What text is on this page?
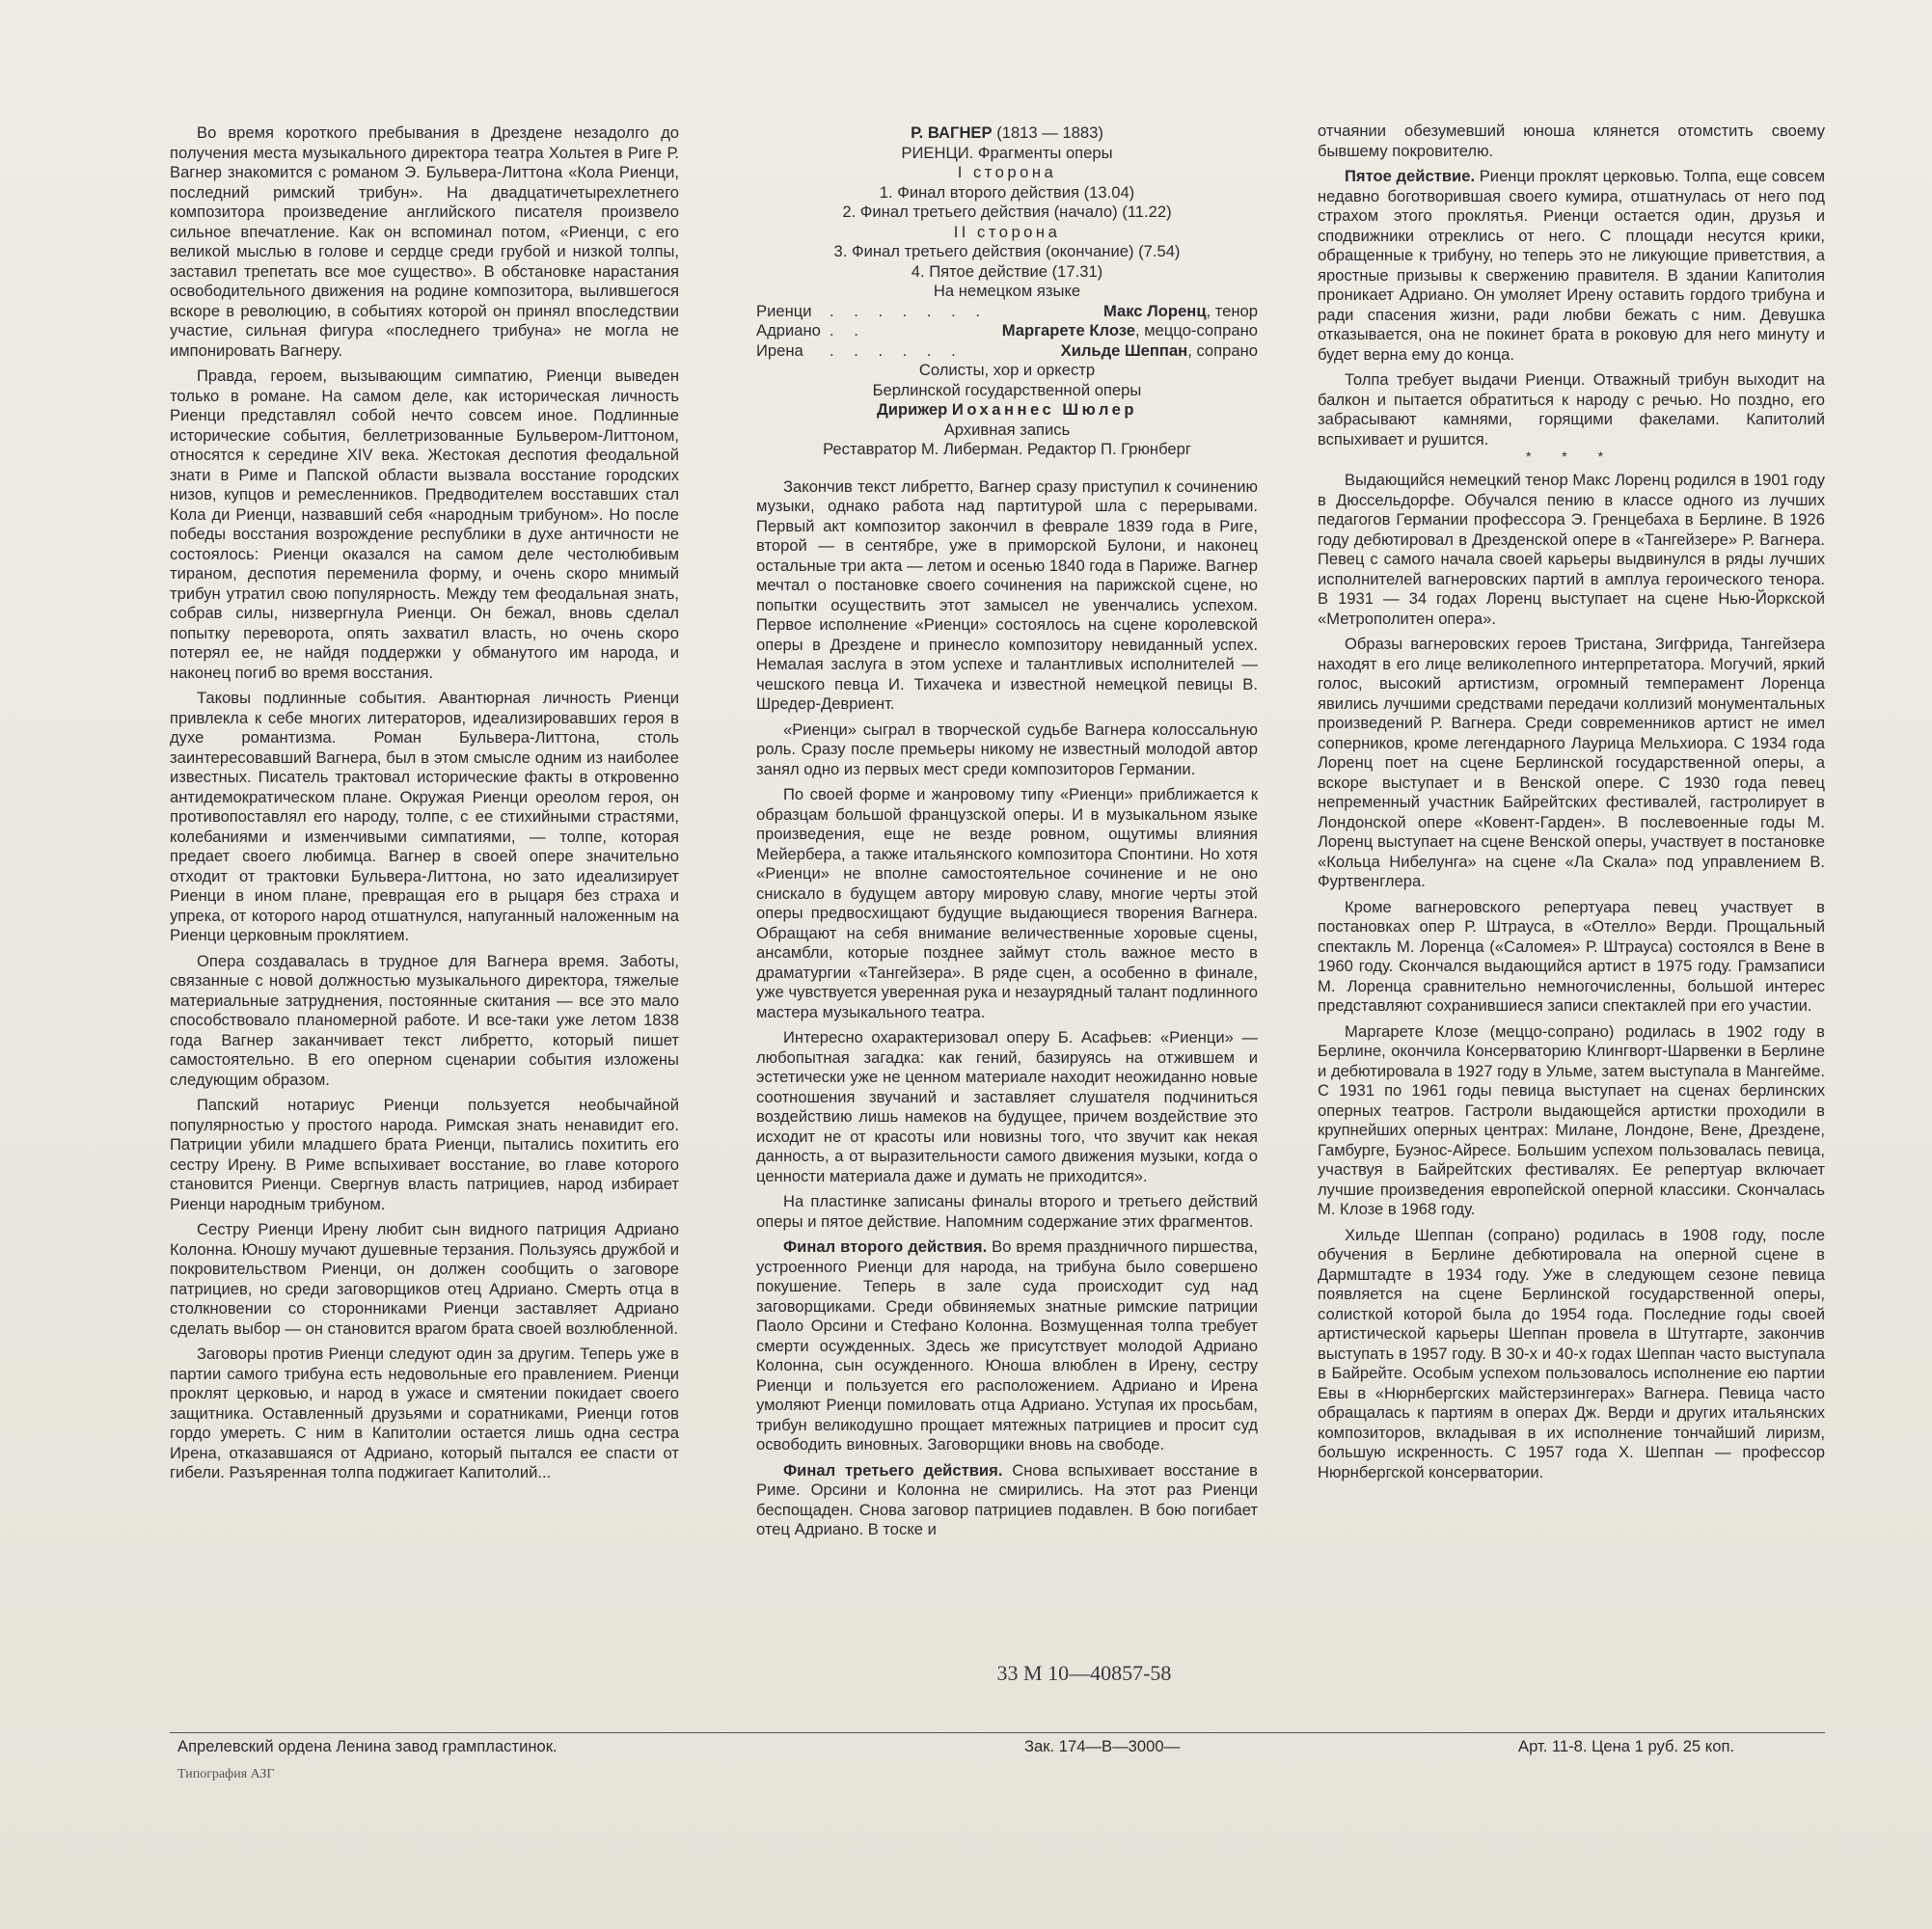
Во время короткого пребывания в Дрездене незадолго до получения места музыкального директора театра Хольтея в Риге Р. Вагнер знакомится с романом Э. Бульвера-Литтона «Кола Риенци, последний римский трибун». На двадцатичетырехлетнего композитора произведение английского писателя произвело сильное впечатление. Как он вспоминал потом, «Риенци, с его великой мыслью в голове и сердце среди грубой и низкой толпы, заставил трепетать все мое существо». В обстановке нарастания освободительного движения на родине композитора, вылившегося вскоре в революцию, в событиях которой он принял впоследствии участие, сильная фигура «последнего трибуна» не могла не импонировать Вагнеру.

Правда, героем, вызывающим симпатию, Риенци выведен только в романе. На самом деле, как историческая личность Риенци представлял собой нечто совсем иное. Подлинные исторические события, беллетризованные Бульвером-Литтоном, относятся к середине XIV века. Жестокая деспотия феодальной знати в Риме и Папской области вызвала восстание городских низов, купцов и ремесленников. Предводителем восставших стал Кола ди Риенци, назвавший себя «народным трибуном». Но после победы восстания возрождение республики в духе античности не состоялось: Риенци оказался на самом деле честолюбивым тираном, деспотия переменила форму, и очень скоро мнимый трибун утратил свою популярность. Между тем феодальная знать, собрав силы, низвергнула Риенци. Он бежал, вновь сделал попытку переворота, опять захватил власть, но очень скоро потерял ее, не найдя поддержки у обманутого им народа, и наконец погиб во время восстания.

Таковы подлинные события. Авантюрная личность Риенци привлекла к себе многих литераторов, идеализировавших героя в духе романтизма. Роман Бульвера-Литтона, столь заинтересовавший Вагнера, был в этом смысле одним из наиболее известных. Писатель трактовал исторические факты в откровенно антидемократическом плане. Окружая Риенци ореолом героя, он противопоставлял его народу, толпе, с ее стихийными страстями, колебаниями и изменчивыми симпатиями, — толпе, которая предает своего любимца. Вагнер в своей опере значительно отходит от трактовки Бульвера-Литтона, но зато идеализирует Риенци в ином плане, превращая его в рыцаря без страха и упрека, от которого народ отшатнулся, напуганный наложенным на Риенци церковным проклятием.

Опера создавалась в трудное для Вагнера время. Заботы, связанные с новой должностью музыкального директора, тяжелые материальные затруднения, постоянные скитания — все это мало способствовало планомерной работе. И все-таки уже летом 1838 года Вагнер заканчивает текст либретто, который пишет самостоятельно. В его оперном сценарии события изложены следующим образом.

Папский нотариус Риенци пользуется необычайной популярностью у простого народа. Римская знать ненавидит его. Патриции убили младшего брата Риенци, пытались похитить его сестру Ирену. В Риме вспыхивает восстание, во главе которого становится Риенци. Свергнув власть патрициев, народ избирает Риенци народным трибуном.

Сестру Риенци Ирену любит сын видного патриция Адриано Колонна. Юношу мучают душевные терзания. Пользуясь дружбой и покровительством Риенци, он должен сообщить о заговоре патрициев, но среди заговорщиков отец Адриано. Смерть отца в столкновении со сторонниками Риенци заставляет Адриано сделать выбор — он становится врагом брата своей возлюбленной.

Заговоры против Риенци следуют один за другим. Теперь уже в партии самого трибуна есть недовольные его правлением. Риенци проклят церковью, и народ в ужасе и смятении покидает своего защитника. Оставленный друзьями и соратниками, Риенци готов гордо умереть. С ним в Капитолии остается лишь одна сестра Ирена, отказавшаяся от Адриано, который пытался ее спасти от гибели. Разъяренная толпа поджигает Капитолий...

Р. ВАГНЕР (1813 — 1883)
РИЕНЦИ. Фрагменты оперы
I сторона
1. Финал второго действия (13.04)
2. Финал третьего действия (начало) (11.22)
II сторона
3. Финал третьего действия (окончание) (7.54)
4. Пятое действие (17.31)
На немецком языке
Риенци	. . . . . . .	Макс Лоренц, тенор
Адриано . .	Маргарете Клозе, меццо-сопрано
Ирена	. . . . . .	Хильде Шеппан, сопрано
Солисты, хор и оркестр
Берлинской государственной оперы
Дирижер Иоханнес Шюлер
Архивная запись
Реставратор М. Либерман. Редактор П. Грюнберг

Закончив текст либретто, Вагнер сразу приступил к сочинению музыки, однако работа над партитурой шла с перерывами. Первый акт композитор закончил в феврале 1839 года в Риге, второй — в сентябре, уже в приморской Булони, и наконец остальные три акта — летом и осенью 1840 года в Париже. Вагнер мечтал о постановке своего сочинения на парижской сцене, но попытки осуществить этот замысел не увенчались успехом. Первое исполнение «Риенци» состоялось на сцене королевской оперы в Дрездене и принесло композитору невиданный успех. Немалая заслуга в этом успехе и талантливых исполнителей — чешского певца И. Тихачека и известной немецкой певицы В. Шредер-Девриент.

«Риенци» сыграл в творческой судьбе Вагнера колоссальную роль. Сразу после премьеры никому не известный молодой автор занял одно из первых мест среди композиторов Германии.

По своей форме и жанровому типу «Риенци» приближается к образцам большой французской оперы. И в музыкальном языке произведения, еще не везде ровном, ощутимы влияния Мейербера, а также итальянского композитора Спонтини. Но хотя «Риенци» не вполне самостоятельное сочинение и не оно снискало в будущем автору мировую славу, многие черты этой оперы предвосхищают будущие выдающиеся творения Вагнера. Обращают на себя внимание величественные хоровые сцены, ансамбли, которые позднее займут столь важное место в драматургии «Тангейзера». В ряде сцен, а особенно в финале, уже чувствуется уверенная рука и незаурядный талант подлинного мастера музыкального театра.

Интересно охарактеризовал оперу Б. Асафьев: «Риенци» — любопытная загадка: как гений, базируясь на отжившем и эстетически уже не ценном материале находит неожиданно новые соотношения звучаний и заставляет слушателя подчиниться воздействию лишь намеков на будущее, причем воздействие это исходит не от красоты или новизны того, что звучит как некая данность, а от выразительности самого движения музыки, когда о ценности материала даже и думать не приходится».

На пластинке записаны финалы второго и третьего действий оперы и пятое действие. Напомним содержание этих фрагментов.

Финал второго действия. Во время праздничного пиршества, устроенного Риенци для народа, на трибуна было совершено покушение. Теперь в зале суда происходит суд над заговорщиками. Среди обвиняемых знатные римские патриции Паоло Орсини и Стефано Колонна. Возмущенная толпа требует смерти осужденных. Здесь же присутствует молодой Адриано Колонна, сын осужденного. Юноша влюблен в Ирену, сестру Риенци и пользуется его расположением. Адриано и Ирена умоляют Риенци помиловать отца Адриано. Уступая их просьбам, трибун великодушно прощает мятежных патрициев и просит суд освободить виновных. Заговорщики вновь на свободе.

Финал третьего действия. Снова вспыхивает восстание в Риме. Орсини и Колонна не смирились. На этот раз Риенци беспощаден. Снова заговор патрициев подавлен. В бою погибает отец Адриано. В тоске и

отчаянии обезумевший юноша клянется отомстить своему бывшему покровителю.

Пятое действие. Риенци проклят церковью. Толпа, еще совсем недавно боготворившая своего кумира, отшатнулась от него под страхом этого проклятья. Риенци остается один, друзья и сподвижники отреклись от него. С площади несутся крики, обращенные к трибуну, но теперь это не ликующие приветствия, а яростные призывы к свержению правителя. В здании Капитолия проникает Адриано. Он умоляет Ирену оставить гордого трибуна и ради спасения жизни, ради любви бежать с ним. Девушка отказывается, она не покинет брата в роковую для него минуту и будет верна ему до конца.

Толпа требует выдачи Риенци. Отважный трибун выходит на балкон и пытается обратиться к народу с речью. Но поздно, его забрасывают камнями, горящими факелами. Капитолий вспыхивает и рушится.

* * *

Выдающийся немецкий тенор Макс Лоренц родился в 1901 году в Дюссельдорфе. Обучался пению в классе одного из лучших педагогов Германии профессора Э. Гренцебаха в Берлине. В 1926 году дебютировал в Дрезденской опере в «Тангейзере» Р. Вагнера. Певец с самого начала своей карьеры выдвинулся в ряды лучших исполнителей вагнеровских партий в амплуа героического тенора. В 1931 — 34 годах Лоренц выступает на сцене Нью-Йоркской «Метрополитен опера».

Образы вагнеровских героев Тристана, Зигфрида, Тангейзера находят в его лице великолепного интерпретатора. Могучий, яркий голос, высокий артистизм, огромный темперамент Лоренца явились лучшими средствами передачи коллизий монументальных произведений Р. Вагнера. Среди современников артист не имел соперников, кроме легендарного Лаурица Мельхиора. С 1934 года Лоренц поет на сцене Берлинской государственной оперы, а вскоре выступает и в Венской опере. С 1930 года певец непременный участник Байрейтских фестивалей, гастролирует в Лондонской опере «Ковент-Гарден». В послевоенные годы М. Лоренц выступает на сцене Венской оперы, участвует в постановке «Кольца Нибелунга» на сцене «Ла Скала» под управлением В. Фуртвенглера.

Кроме вагнеровского репертуара певец участвует в постановках опер Р. Штрауса, в «Отелло» Верди. Прощальный спектакль М. Лоренца («Саломея» Р. Штрауса) состоялся в Вене в 1960 году. Скончался выдающийся артист в 1975 году. Грамзаписи М. Лоренца сравнительно немногочисленны, большой интерес представляют сохранившиеся записи спектаклей при его участии.

Маргарете Клозе (меццо-сопрано) родилась в 1902 году в Берлине, окончила Консерваторию Клингворт-Шарвенки в Берлине и дебютировала в 1927 году в Ульме, затем выступала в Мангейме. С 1931 по 1961 годы певица выступает на сценах берлинских оперных театров. Гастроли выдающейся артистки проходили в крупнейших оперных центрах: Милане, Лондоне, Вене, Дрездене, Гамбурге, Буэнос-Айресе. Большим успехом пользовалась певица, участвуя в Байрейтских фестивалях. Ее репертуар включает лучшие произведения европейской оперной классики. Скончалась М. Клозе в 1968 году.

Хильде Шеппан (сопрано) родилась в 1908 году, после обучения в Берлине дебютировала на оперной сцене в Дармштадте в 1934 году. Уже в следующем сезоне певица появляется на сцене Берлинской государственной оперы, солисткой которой была до 1954 года. Последние годы своей артистической карьеры Шеппан провела в Штутгарте, закончив выступать в 1957 году. В 30-х и 40-х годах Шеппан часто выступала в Байрейте. Особым успехом пользовалось исполнение ею партии Евы в «Нюрнбергских майстерзингерах» Вагнера. Певица часто обращалась к партиям в операх Дж. Верди и других итальянских композиторов, вкладывая в их исполнение тончайший лиризм, большую искренность. С 1957 года Х. Шеппан — профессор Нюрнбергской консерватории.

33 М 10—40857-58
Апрелевский ордена Ленина завод грампластинок.	Зак. 174—В—3000—	Арт. 11-8. Цена 1 руб. 25 коп.
Типография АЗГ
